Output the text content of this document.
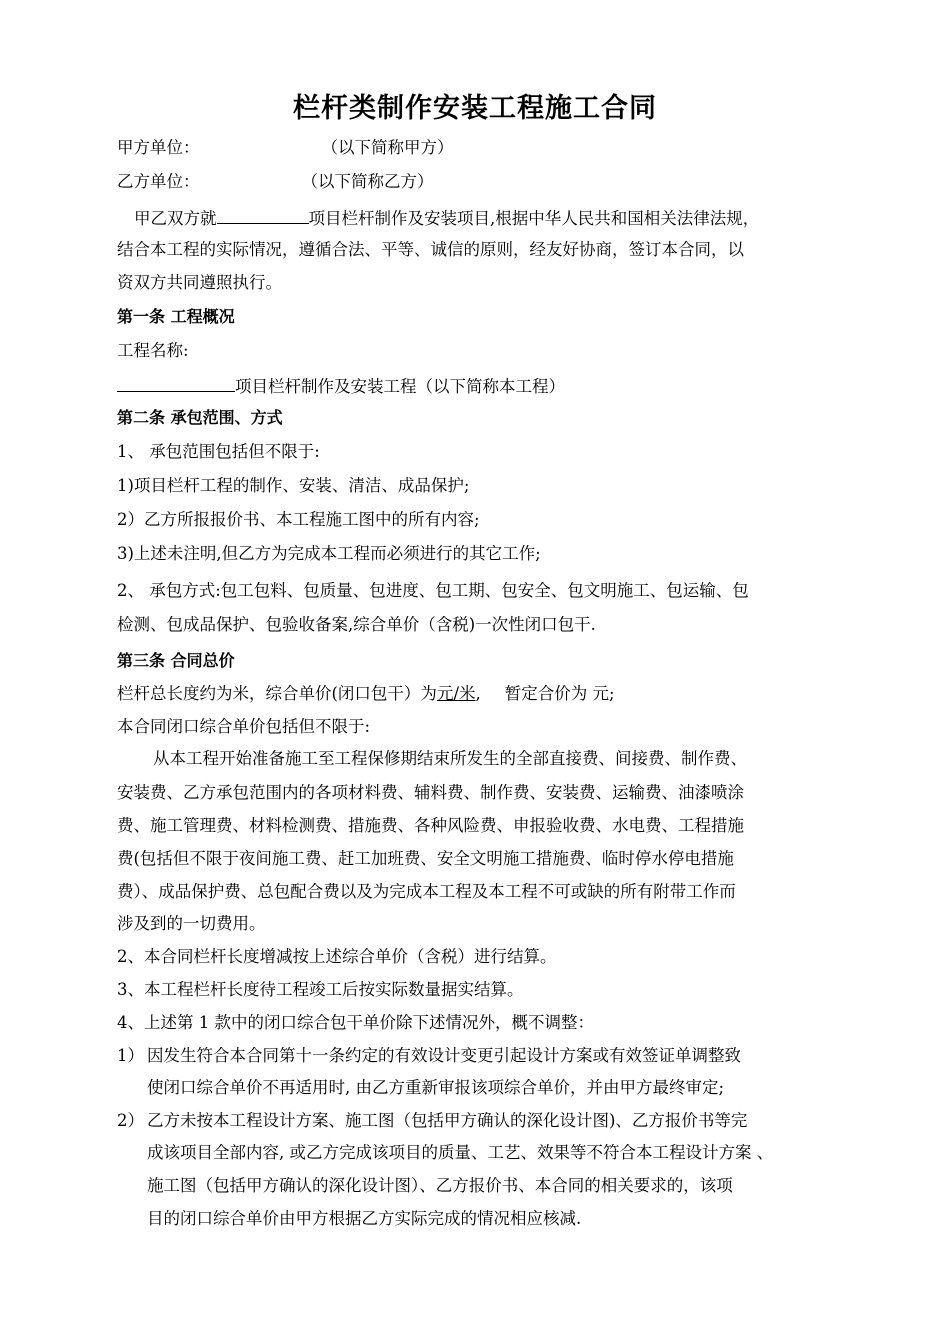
栏杆类制作安装工程施工合同
甲方单位：	（以下简称甲方）
乙方单位：	（以下简称乙方）
甲乙双方就	项目栏杆制作及安装项目,根据中华人民共和国相关法律法规，
结合本工程的实际情况，遵循合法、平等、诚信的原则，经友好协商，签订本合同，以
资双方共同遵照执行。
第一条 工程概况
工程名称:
项目栏杆制作及安装工程（以下简称本工程）
第二条 承包范围、方式
1、 承包范围包括但不限于:
1)项目栏杆工程的制作、安装、清洁、成品保护;
2）乙方所报报价书、本工程施工图中的所有内容;
3)上述未注明,但乙方为完成本工程而必须进行的其它工作;
2、 承包方式:包工包料、包质量、包进度、包工期、包安全、包文明施工、包运输、包
检测、包成品保护、包验收备案,综合单价（含税)一次性闭口包干.
第三条 合同总价
栏杆总长度约为米，综合单价(闭口包干）为元/米, 暂定合价为 元;
本合同闭口综合单价包括但不限于:
从本工程开始准备施工至工程保修期结束所发生的全部直接费、间接费、制作费、
安装费、乙方承包范围内的各项材料费、辅料费、制作费、安装费、运输费、油漆喷涂
费、施工管理费、材料检测费、措施费、各种风险费、申报验收费、水电费、工程措施
费(包括但不限于夜间施工费、赶工加班费、安全文明施工措施费、临时停水停电措施
费）、成品保护费、总包配合费以及为完成本工程及本工程不可或缺的所有附带工作而
涉及到的一切费用。
2、本合同栏杆长度增减按上述综合单价（含税）进行结算。
3、本工程栏杆长度待工程竣工后按实际数量据实结算。
4、上述第 1 款中的闭口综合包干单价除下述情况外，概不调整：
1） 因发生符合本合同第十一条约定的有效设计变更引起设计方案或有效签证单调整致
使闭口综合单价不再适用时, 由乙方重新审报该项综合单价，并由甲方最终审定;
2） 乙方未按本工程设计方案、施工图（包括甲方确认的深化设计图)、乙方报价书等完
成该项目全部内容, 或乙方完成该项目的质量、工艺、效果等不符合本工程设计方案 、
施工图（包括甲方确认的深化设计图）、乙方报价书、本合同的相关要求的，该项
目的闭口综合单价由甲方根据乙方实际完成的情况相应核减.
